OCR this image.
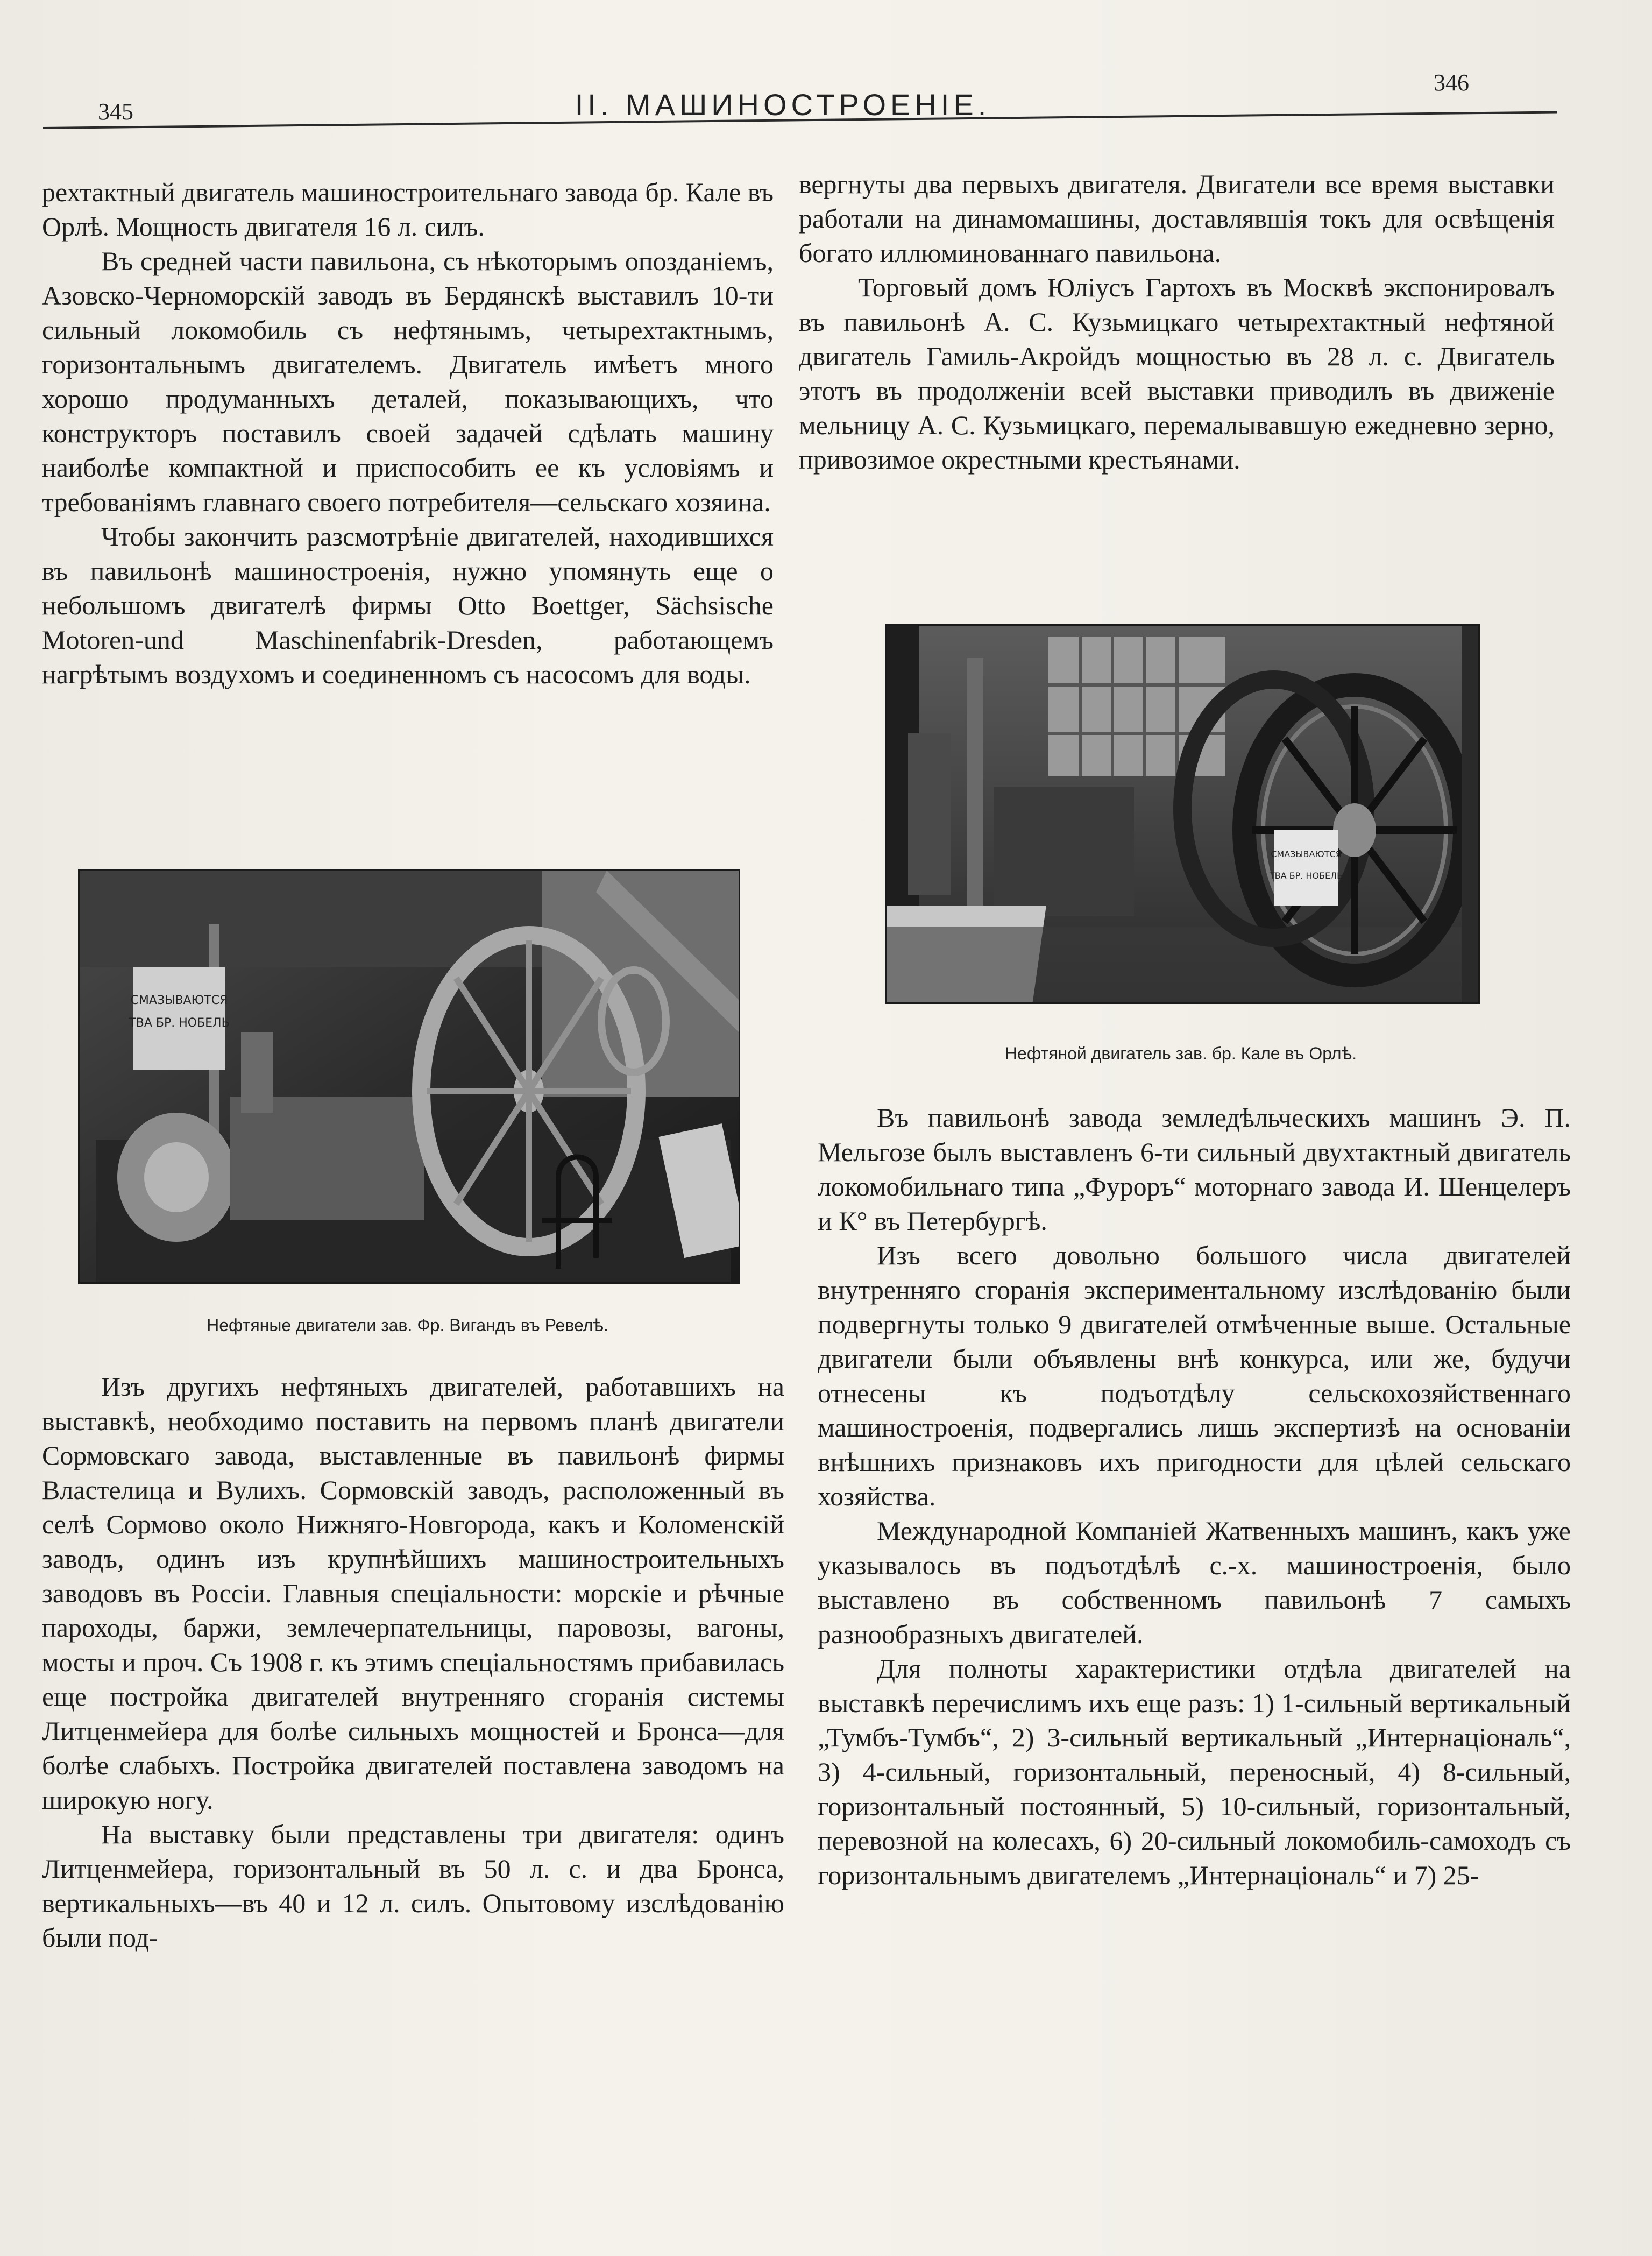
345	II. МАШИНОСТРОЕНIЕ.
346

рехтактный двигатель машиностроительнаго завода бр. Кале въ Орлѣ. Мощность двигателя 16 л. силъ.

Въ средней части павильона, съ нѣкоторымъ опозданiемъ, Азовско-Черноморскiй заводъ въ Бердянскѣ выставилъ 10-ти сильный локомобиль съ нефтянымъ, четырехтактнымъ, горизонтальнымъ двигателемъ. Двигатель имѣетъ много хорошо продуманныхъ деталей, показывающихъ, что конструкторъ поставилъ своей задачей сдѣлать машину наиболѣе компактной и приспособить ее къ условiямъ и требованiямъ главнаго своего потребителя—сельскаго хозяина.

Чтобы закончить разсмотрѣнiе двигателей, находившихся въ павильонѣ машиностроенiя, нужно упомянуть еще о небольшомъ двигателѣ фирмы Otto Boettger, Sächsische Motoren-und Maschinenfabrik-Dresden, работающемъ нагрѣтымъ воздухомъ и соединенномъ съ насосомъ для воды.

СМАЗЫВАЮТСЯ
ТВА БР. НОБЕЛЬ
Нефтяные двигатели зав. Фр. Вигандъ въ Ревелѣ.

Изъ другихъ нефтяныхъ двигателей, работавшихъ на выставкѣ, необходимо поставить на первомъ планѣ двигатели Сормовскаго завода, выставленные въ павильонѣ фирмы Властелица и Вулихъ. Сормовскiй заводъ, расположенный въ селѣ Сормово около Нижняго-Новгорода, какъ и Коломенскiй заводъ, одинъ изъ крупнѣйшихъ машиностроительныхъ заводовъ въ Россiи. Главныя спецiальности: морскiе и рѣчные пароходы, баржи, землечерпательницы, паровозы, вагоны, мосты и проч. Съ 1908 г. къ этимъ спецiальностямъ прибавилась еще постройка двигателей внутренняго сгоранiя системы Литценмейера для болѣе сильныхъ мощностей и Бронса—для болѣе слабыхъ. Постройка двигателей поставлена заводомъ на широкую ногу.

На выставку были представлены три двигателя: одинъ Литценмейера, горизонтальный въ 50 л. с. и два Бронса, вертикальныхъ—въ 40 и 12 л. силъ. Опытовому изслѣдованiю были под-

вергнуты два первыхъ двигателя. Двигатели все время выставки работали на динамомашины, доставлявшiя токъ для освѣщенiя богато иллюминованнаго павильона.

Торговый домъ Юлiусъ Гартохъ въ Москвѣ экспонировалъ въ павильонѣ А. С. Кузьмицкаго четырехтактный нефтяной двигатель Гамиль-Акройдъ мощностью въ 28 л. с. Двигатель этотъ въ продолженiи всей выставки приводилъ въ движенiе мельницу А. С. Кузьмицкаго, перемалывавшую ежедневно зерно, привозимое окрестными крестьянами.

СМАЗЫВАЮТСЯ
ТВА БР. НОБЕЛЬ
Нефтяной двигатель зав. бр. Кале въ Орлѣ.

Въ павильонѣ завода земледѣльческихъ машинъ Э. П. Мельгозе былъ выставленъ 6-ти сильный двухтактный двигатель локомобильнаго типа „Фуроръ“ моторнаго завода И. Шенцелеръ и К° въ Петербургѣ.

Изъ всего довольно большого числа двигателей внутренняго сгоранiя экспериментальному изслѣдованiю были подвергнуты только 9 двигателей отмѣченные выше. Остальные двигатели были объявлены внѣ конкурса, или же, будучи отнесены къ подъотдѣлу сельскохозяйственнаго машиностроенiя, подвергались лишь экспертизѣ на основанiи внѣшнихъ признаковъ ихъ пригодности для цѣлей сельскаго хозяйства.

Международной Компанiей Жатвенныхъ машинъ, какъ уже указывалось въ подъотдѣлѣ с.-х. машиностроенiя, было выставлено въ собственномъ павильонѣ 7 самыхъ разнообразныхъ двигателей.

Для полноты характеристики отдѣла двигателей на выставкѣ перечислимъ ихъ еще разъ: 1) 1-сильный вертикальный „Тумбъ-Тумбъ“, 2) 3-сильный вертикальный „Интернацiональ“, 3) 4-сильный, горизонтальный, переносный, 4) 8-сильный, горизонтальный постоянный, 5) 10-сильный, горизонтальный, перевозной на колесахъ, 6) 20-сильный локомобиль-самоходъ съ горизонтальнымъ двигателемъ „Интернацiональ“ и 7) 25-
